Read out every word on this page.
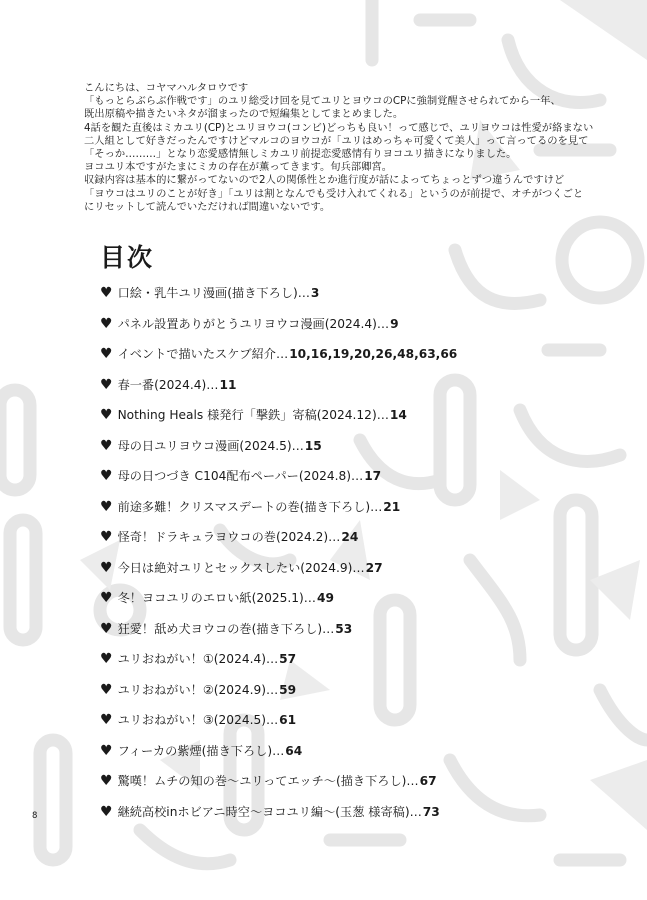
こんにちは、コヤマハルタロウです

「もっとらぶらぶ作戦です」のユリ総受け回を見てユリとヨウコのCPに強制覚醒させられてから一年、

既出原稿や描きたいネタが溜まったので短編集としてまとめました。

4話を観た直後はミカユリ(CP)とユリヨウコ(コンビ)どっちも良い！って感じで、ユリヨウコは性愛が絡まない

二人組として好きだったんですけどマルコのヨウコが「ユリはめっちゃ可愛くて美人」って言ってるのを見て

「そっか………」となり恋愛感情無しミカユリ前提恋愛感情有りヨコユリ描きになりました。

ヨコユリ本ですがたまにミカの存在が薫ってきます。旬兵部卿宮。

収録内容は基本的に繋がってないので2人の関係性とか進行度が話によってちょっとずつ違うんですけど

「ヨウコはユリのことが好き」「ユリは割となんでも受け入れてくれる」というのが前提で、オチがつくごと

にリセットして読んでいただければ間違いないです。

目次
♥ 口絵・乳牛ユリ漫画(描き下ろし)… 3
♥ パネル設置ありがとうユリヨウコ漫画(2024.4)… 9
♥ イベントで描いたスケブ紹介… 10,16,19,20,26,48,63,66
♥ 春一番(2024.4)… 11
♥ Nothing Heals 様発行「撃鉄」寄稿(2024.12)… 14
♥ 母の日ユリヨウコ漫画(2024.5)… 15
♥ 母の日つづき C104配布ペーパー(2024.8)… 17
♥ 前途多難！クリスマスデートの巻(描き下ろし)… 21
♥ 怪奇！ドラキュラヨウコの巻(2024.2)… 24
♥ 今日は絶対ユリとセックスしたい(2024.9)… 27
♥ 冬！ヨコユリのエロい紙(2025.1)… 49
♥ 狂愛！舐め犬ヨウコの巻(描き下ろし)… 53
♥ ユリおねがい！①(2024.4)… 57
♥ ユリおねがい！②(2024.9)… 59
♥ ユリおねがい！③(2024.5)… 61
♥ フィーカの紫煙(描き下ろし)… 64
♥ 驚嘆！ムチの知の巻～ユリってエッチ～(描き下ろし)… 67
♥ 継続高校inホビアニ時空～ヨコユリ編～(玉葱 様寄稿)… 73
8
